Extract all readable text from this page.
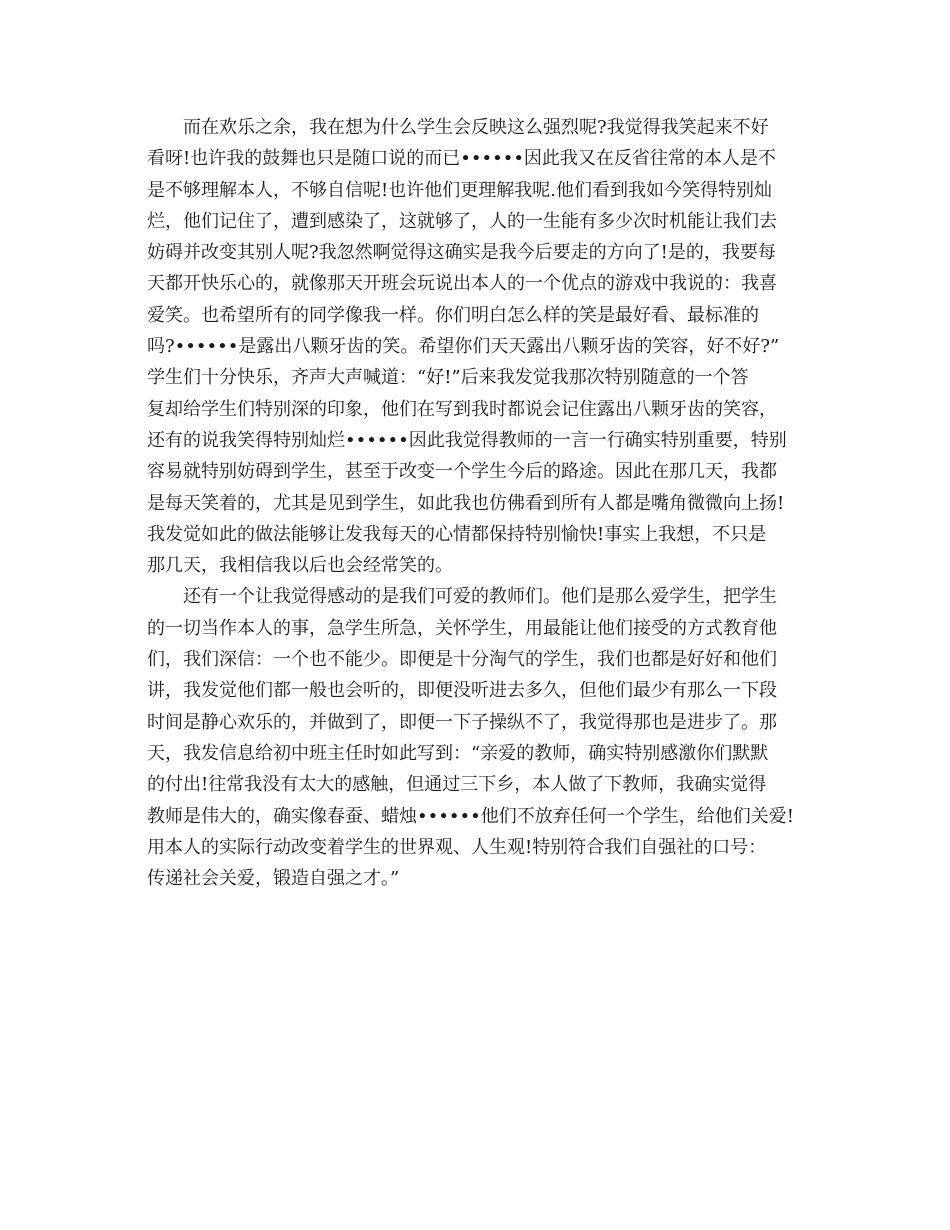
而在欢乐之余，我在想为什么学生会反映这么强烈呢?我觉得我笑起来不好
看呀!也许我的鼓舞也只是随口说的而已••••••因此我又在反省往常的本人是不
是不够理解本人，不够自信呢!也许他们更理解我呢.他们看到我如今笑得特别灿
烂，他们记住了，遭到感染了，这就够了，人的一生能有多少次时机能让我们去
妨碍并改变其别人呢?我忽然啊觉得这确实是我今后要走的方向了!是的，我要每
天都开快乐心的，就像那天开班会玩说出本人的一个优点的游戏中我说的：我喜
爱笑。也希望所有的同学像我一样。你们明白怎么样的笑是最好看、最标准的
吗?••••••是露出八颗牙齿的笑。希望你们天天露出八颗牙齿的笑容，好不好?”
学生们十分快乐，齐声大声喊道：“好!”后来我发觉我那次特别随意的一个答
复却给学生们特别深的印象，他们在写到我时都说会记住露出八颗牙齿的笑容，
还有的说我笑得特别灿烂••••••因此我觉得教师的一言一行确实特别重要，特别
容易就特别妨碍到学生，甚至于改变一个学生今后的路途。因此在那几天，我都
是每天笑着的，尤其是见到学生，如此我也仿佛看到所有人都是嘴角微微向上扬!
我发觉如此的做法能够让发我每天的心情都保持特别愉快!事实上我想，不只是
那几天，我相信我以后也会经常笑的。
还有一个让我觉得感动的是我们可爱的教师们。他们是那么爱学生，把学生
的一切当作本人的事，急学生所急，关怀学生，用最能让他们接受的方式教育他
们，我们深信：一个也不能少。即便是十分淘气的学生，我们也都是好好和他们
讲，我发觉他们都一般也会听的，即便没听进去多久，但他们最少有那么一下段
时间是静心欢乐的，并做到了，即便一下子操纵不了，我觉得那也是进步了。那
天，我发信息给初中班主任时如此写到：“亲爱的教师，确实特别感激你们默默
的付出!往常我没有太大的感触，但通过三下乡，本人做了下教师，我确实觉得
教师是伟大的，确实像春蚕、蜡烛••••••他们不放弃任何一个学生，给他们关爱!
用本人的实际行动改变着学生的世界观、人生观!特别符合我们自强社的口号：
传递社会关爱，锻造自强之才。”
